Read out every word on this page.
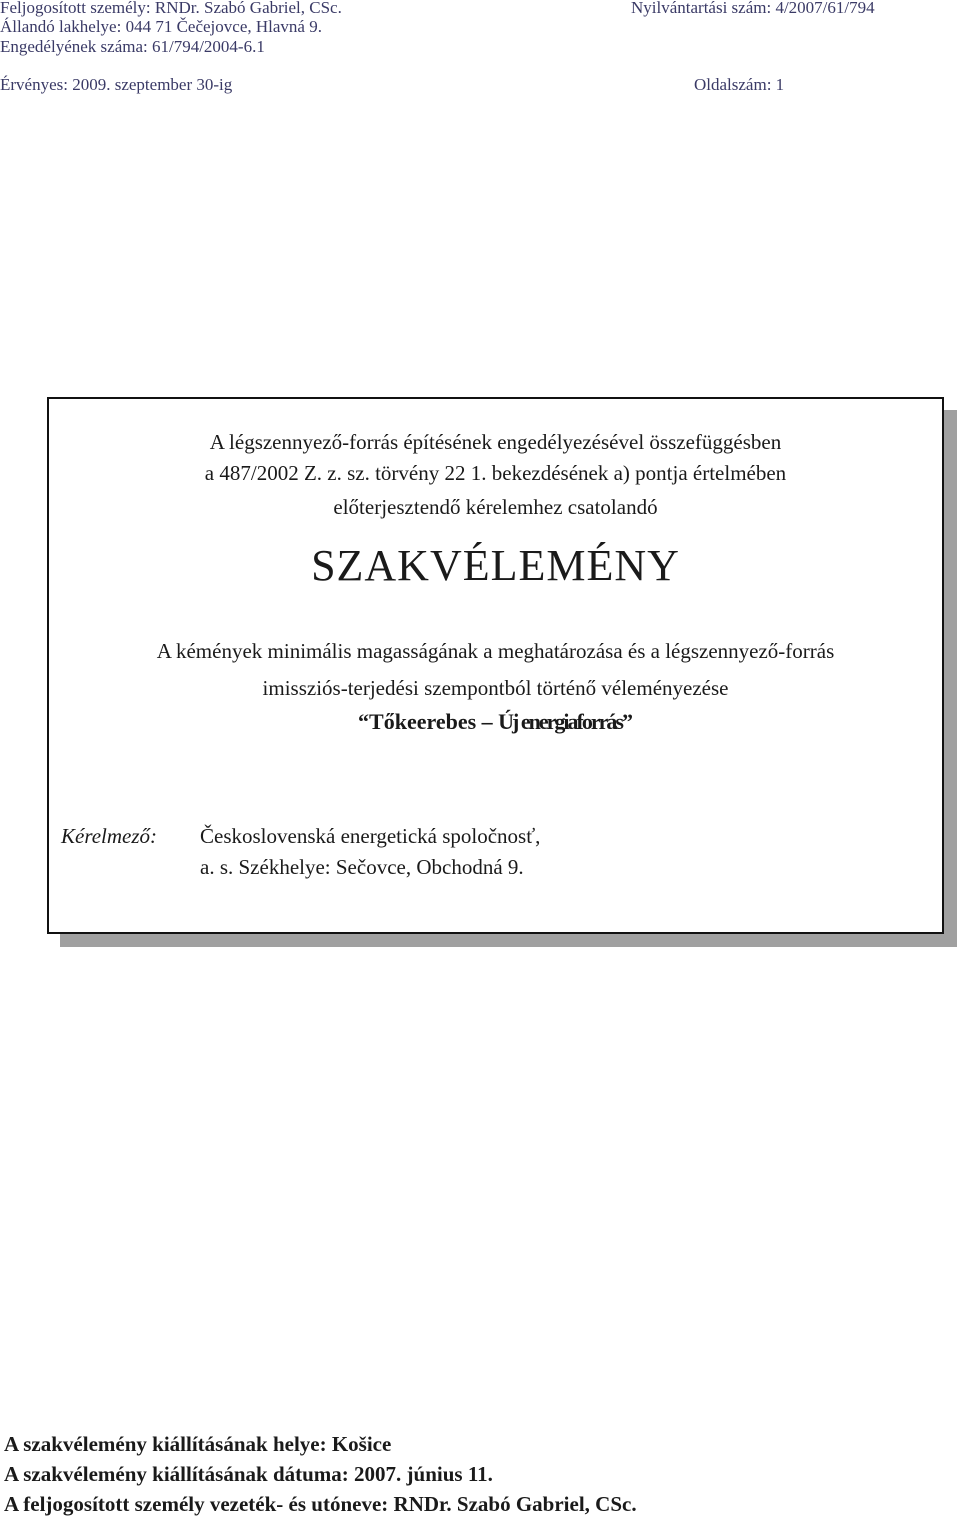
Feljogosított személy: RNDr. Szabó Gabriel, CSc.	Nyilvántartási szám: 4/2007/61/794
Állandó lakhelye: 044 71 Čečejovce, Hlavná 9.
Engedélyének száma: 61/794/2004-6.1
Érvényes: 2009. szeptember 30-ig	Oldalszám: 1
A légszennyező-forrás építésének engedélyezésével összefüggésben
a 487/2002 Z. z. sz. törvény 22 1. bekezdésének a) pontja értelmében
előterjesztendő kérelemhez csatolandó
SZAKVÉLEMÉNY
A kémények minimális magasságának a meghatározása és a légszennyező-forrás
imissziós-terjedési szempontból történő véleményezése
“Tőkeerebes – Új energiaforrás”
Kérelmező: Československá energetická spoločnosť,
a. s. Székhelye: Sečovce, Obchodná 9.
A szakvélemény kiállításának helye: Košice
A szakvélemény kiállításának dátuma: 2007. június 11.
A feljogosított személy vezeték- és utóneve: RNDr. Szabó Gabriel, CSc.
